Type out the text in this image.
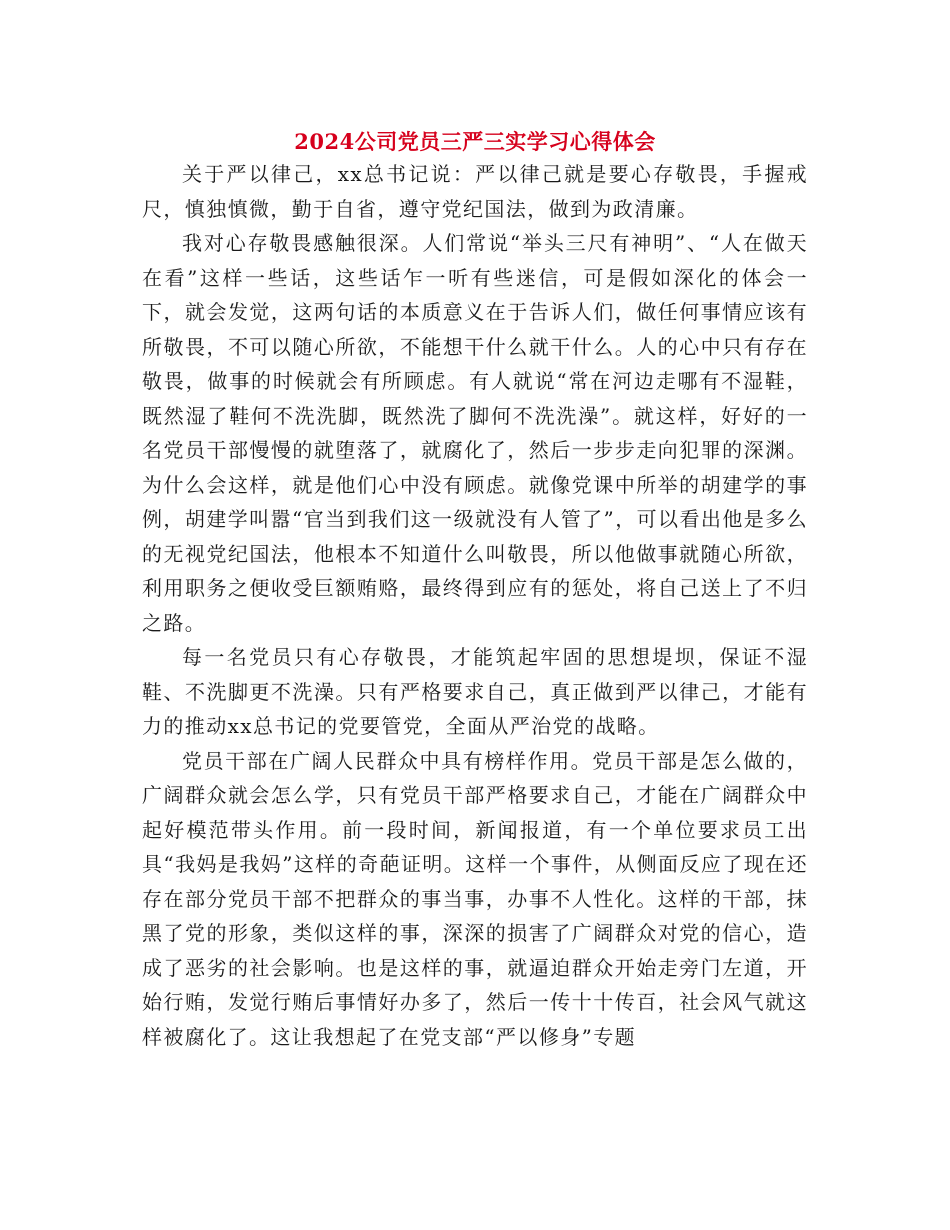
2024公司党员三严三实学习心得体会

关于严以律己，xx总书记说：严以律己就是要心存敬畏，手握戒尺，慎独慎微，勤于自省，遵守党纪国法，做到为政清廉。

我对心存敬畏感触很深。人们常说“举头三尺有神明”、“人在做天在看”这样一些话，这些话乍一听有些迷信，可是假如深化的体会一下，就会发觉，这两句话的本质意义在于告诉人们，做任何事情应该有所敬畏，不可以随心所欲，不能想干什么就干什么。人的心中只有存在敬畏，做事的时候就会有所顾虑。有人就说“常在河边走哪有不湿鞋，既然湿了鞋何不洗洗脚，既然洗了脚何不洗洗澡”。就这样，好好的一名党员干部慢慢的就堕落了，就腐化了，然后一步步走向犯罪的深渊。为什么会这样，就是他们心中没有顾虑。就像党课中所举的胡建学的事例，胡建学叫嚣“官当到我们这一级就没有人管了”，可以看出他是多么的无视党纪国法，他根本不知道什么叫敬畏，所以他做事就随心所欲，利用职务之便收受巨额贿赂，最终得到应有的惩处，将自己送上了不归之路。

每一名党员只有心存敬畏，才能筑起牢固的思想堤坝，保证不湿鞋、不洗脚更不洗澡。只有严格要求自己，真正做到严以律己，才能有力的推动xx总书记的党要管党，全面从严治党的战略。

党员干部在广阔人民群众中具有榜样作用。党员干部是怎么做的，广阔群众就会怎么学，只有党员干部严格要求自己，才能在广阔群众中起好模范带头作用。前一段时间，新闻报道，有一个单位要求员工出具“我妈是我妈”这样的奇葩证明。这样一个事件，从侧面反应了现在还存在部分党员干部不把群众的事当事，办事不人性化。这样的干部，抹黑了党的形象，类似这样的事，深深的损害了广阔群众对党的信心，造成了恶劣的社会影响。也是这样的事，就逼迫群众开始走旁门左道，开始行贿，发觉行贿后事情好办多了，然后一传十十传百，社会风气就这样被腐化了。这让我想起了在党支部“严以修身”专题
